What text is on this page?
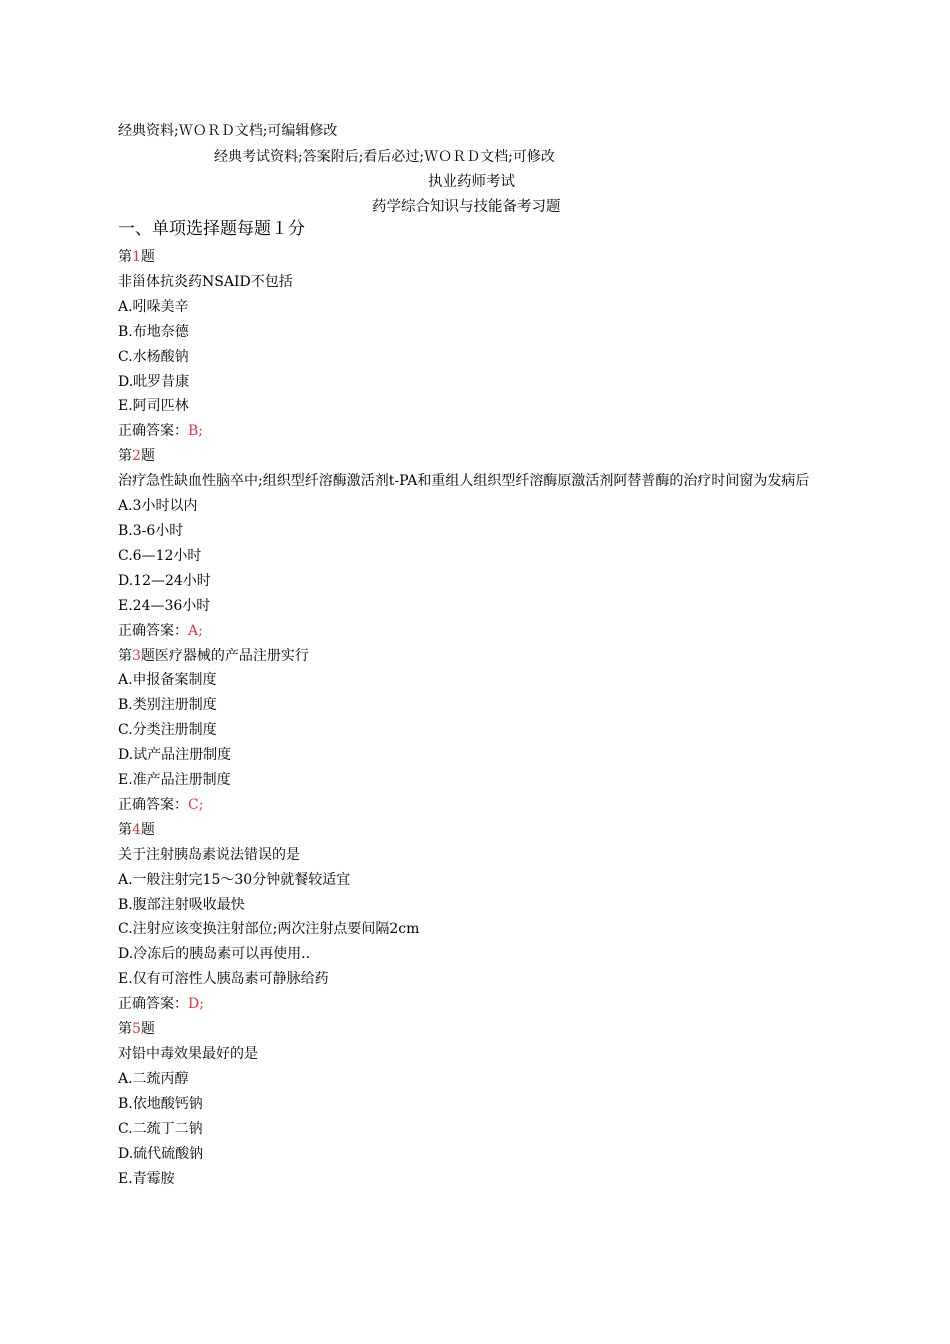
经典资料;ＷＯＲＤ文档;可编辑修改
经典考试资料;答案附后;看后必过;ＷＯＲＤ文档;可修改
执业药师考试
药学综合知识与技能备考习题
一、单项选择题每题１分
第1题
非甾体抗炎药NSAID不包括
A.吲哚美辛
B.布地奈德
C.水杨酸钠
D.吡罗昔康
E.阿司匹林
正确答案：B;
第2题
治疗急性缺血性脑卒中;组织型纤溶酶激活剂t-PA和重组人组织型纤溶酶原激活剂阿替普酶的治疗时间窗为发病后
A.3小时以内
B.3-6小时
C.6—12小时
D.12—24小时
E.24—36小时
正确答案：A;
第3题医疗器械的产品注册实行
A.申报备案制度
B.类别注册制度
C.分类注册制度
D.试产品注册制度
E.准产品注册制度
正确答案：C;
第4题
关于注射胰岛素说法错误的是
A.一般注射完15～30分钟就餐较适宜
B.腹部注射吸收最快
C.注射应该变换注射部位;两次注射点要间隔2cm
D.冷冻后的胰岛素可以再使用..
E.仅有可溶性人胰岛素可静脉给药
正确答案：D;
第5题
对铅中毒效果最好的是
A.二巯丙醇
B.依地酸钙钠
C.二巯丁二钠
D.硫代硫酸钠
E.青霉胺
